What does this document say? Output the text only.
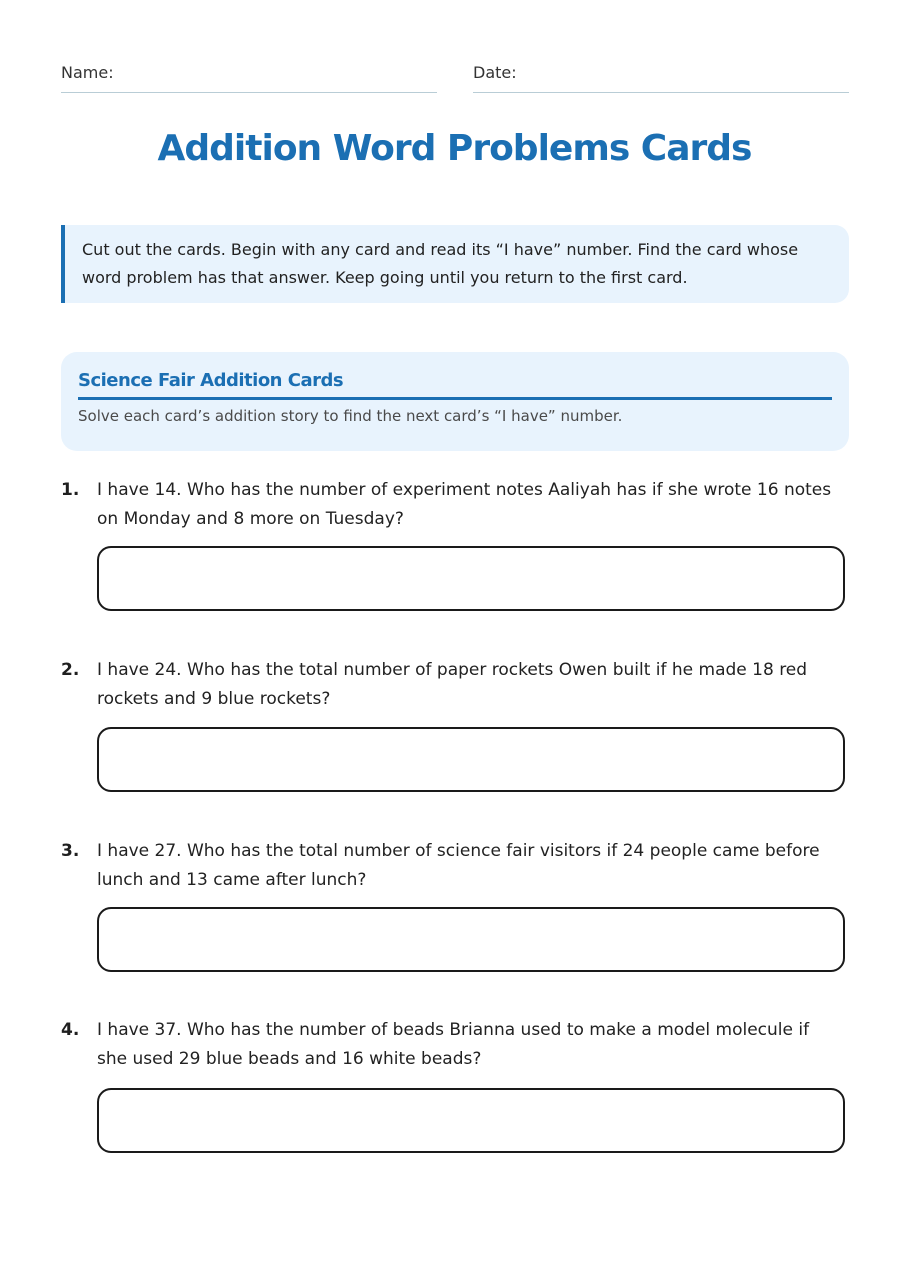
Name:	Date:
Addition Word Problems Cards
Cut out the cards. Begin with any card and read its “I have” number. Find the card whose word problem has that answer. Keep going until you return to the first card.
Science Fair Addition Cards
Solve each card’s addition story to find the next card’s “I have” number.
1. I have 14. Who has the number of experiment notes Aaliyah has if she wrote 16 notes on Monday and 8 more on Tuesday?
2. I have 24. Who has the total number of paper rockets Owen built if he made 18 red rockets and 9 blue rockets?
3. I have 27. Who has the total number of science fair visitors if 24 people came before lunch and 13 came after lunch?
4. I have 37. Who has the number of beads Brianna used to make a model molecule if she used 29 blue beads and 16 white beads?
